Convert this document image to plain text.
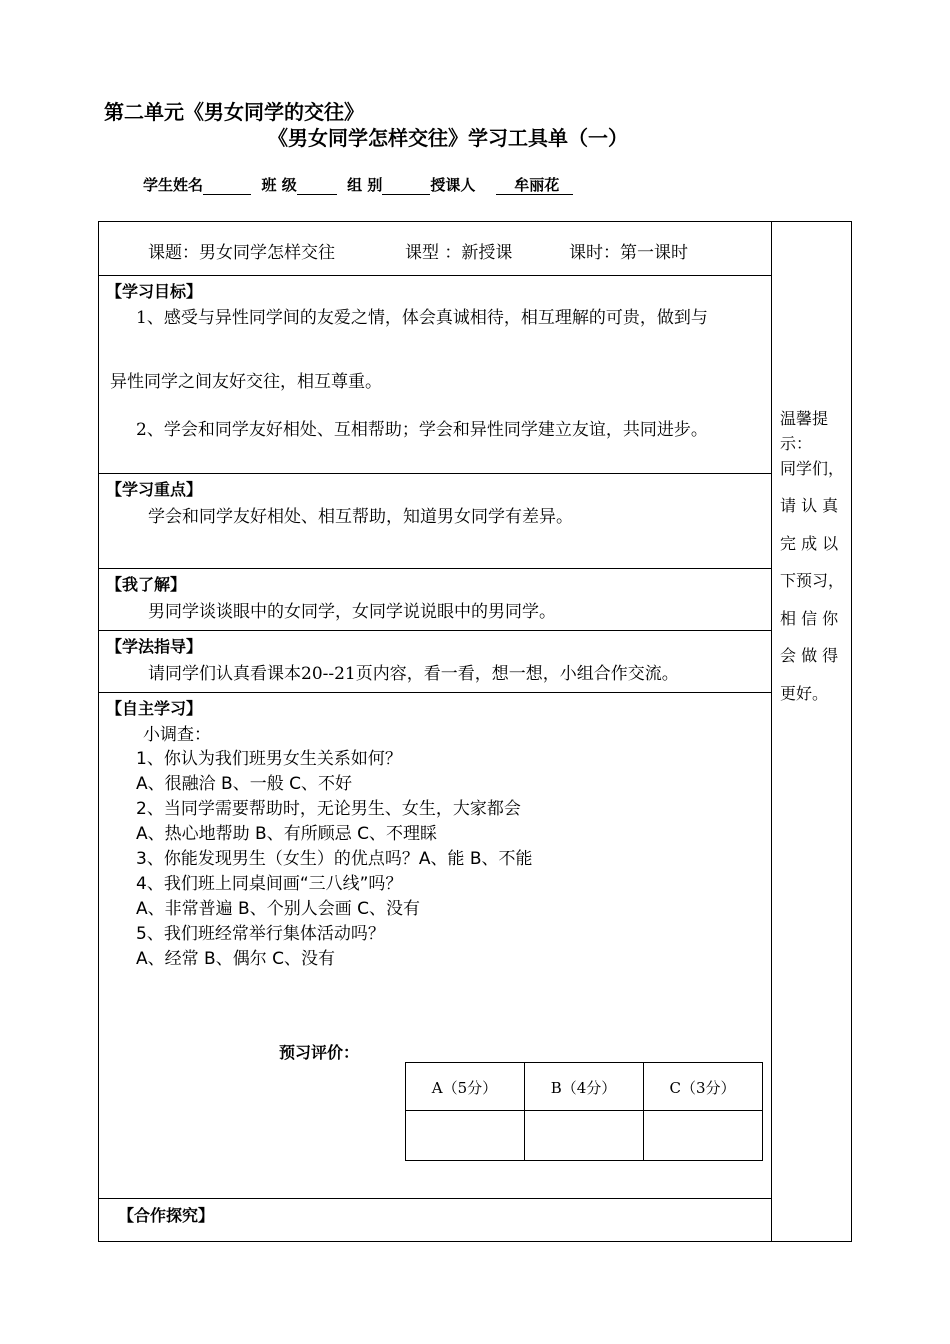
第二单元《男女同学的交往》
《男女同学怎样交往》学习工具单（一）
学生姓名	班 级	组 别	授课人	牟丽花
课题：男女同学怎样交往	课型 ：新授课	课时：第一课时
【学习目标】
1、感受与异性同学间的友爱之情，体会真诚相待，相互理解的可贵，做到与
异性同学之间友好交往，相互尊重。
2、学会和同学友好相处、互相帮助；学会和异性同学建立友谊，共同进步。
【学习重点】
学会和同学友好相处、相互帮助，知道男女同学有差异。
【我了解】
男同学谈谈眼中的女同学，女同学说说眼中的男同学。
【学法指导】
请同学们认真看课本20--21页内容，看一看，想一想，小组合作交流。
【自主学习】
小调查：
1、你认为我们班男女生关系如何？
A、很融洽 B、一般 C、不好
2、当同学需要帮助时，无论男生、女生，大家都会
A、热心地帮助 B、有所顾忌 C、不理睬
3、你能发现男生（女生）的优点吗？A、能 B、不能
4、我们班上同桌间画“三八线”吗？
A、非常普遍 B、个别人会画 C、没有
5、我们班经常举行集体活动吗？
A、经常 B、偶尔 C、没有
预习评价：
A（5分）	B（4分）	C（3分）
【合作探究】
温馨提
示：
同学们，
请 认 真
完 成 以
下预习，
相 信 你
会 做 得
更好。
